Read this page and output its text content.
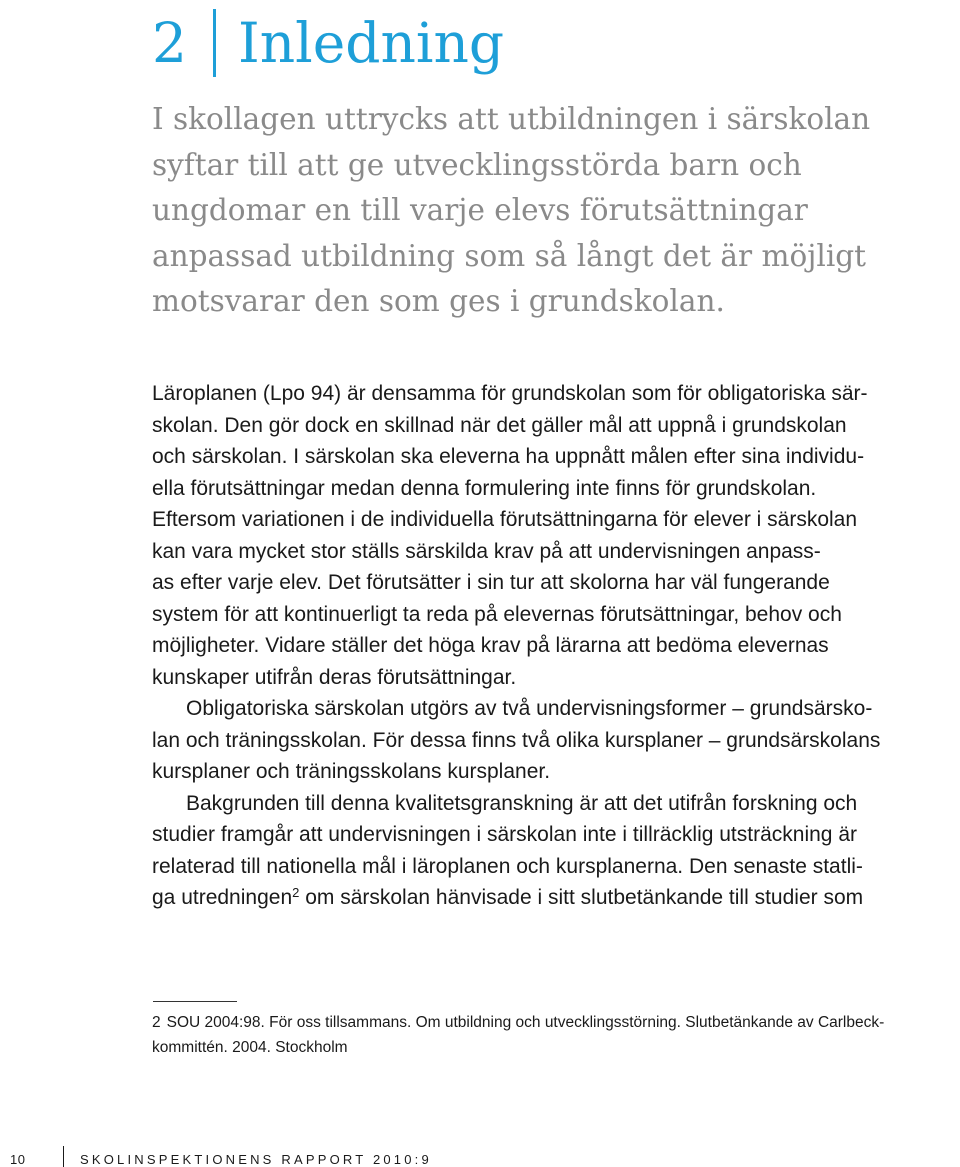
2 Inledning

I skollagen uttrycks att utbildningen i särskolan
syftar till att ge utvecklingsstörda barn och
ungdomar en till varje elevs förutsättningar
anpassad utbildning som så långt det är möjligt
motsvarar den som ges i grundskolan.

Läroplanen (Lpo 94) är densamma för grundskolan som för obligatoriska sär-
skolan. Den gör dock en skillnad när det gäller mål att uppnå i grundskolan
och särskolan. I särskolan ska eleverna ha uppnått målen efter sina individu-
ella förutsättningar medan denna formulering inte finns för grundskolan.
Eftersom variationen i de individuella förutsättningarna för elever i särskolan
kan vara mycket stor ställs särskilda krav på att undervisningen anpass-
as efter varje elev. Det förutsätter i sin tur att skolorna har väl fungerande
system för att kontinuerligt ta reda på elevernas förutsättningar, behov och
möjligheter. Vidare ställer det höga krav på lärarna att bedöma elevernas
kunskaper utifrån deras förutsättningar.

Obligatoriska särskolan utgörs av två undervisningsformer – grundsärsko-
lan och träningsskolan. För dessa finns två olika kursplaner – grundsärskolans
kursplaner och träningsskolans kursplaner.

Bakgrunden till denna kvalitetsgranskning är att det utifrån forskning och
studier framgår att undervisningen i särskolan inte i tillräcklig utsträckning är
relaterad till nationella mål i läroplanen och kursplanerna. Den senaste statli-
ga utredningen$^2$ om särskolan hänvisade i sitt slutbetänkande till studier som

2 SOU 2004:98. För oss tillsammans. Om utbildning och utvecklingsstörning. Slutbetänkande av Carlbeck-
kommittén. 2004. Stockholm

10	SKOLINSPEKTIONENS RAPPORT 2010:9
